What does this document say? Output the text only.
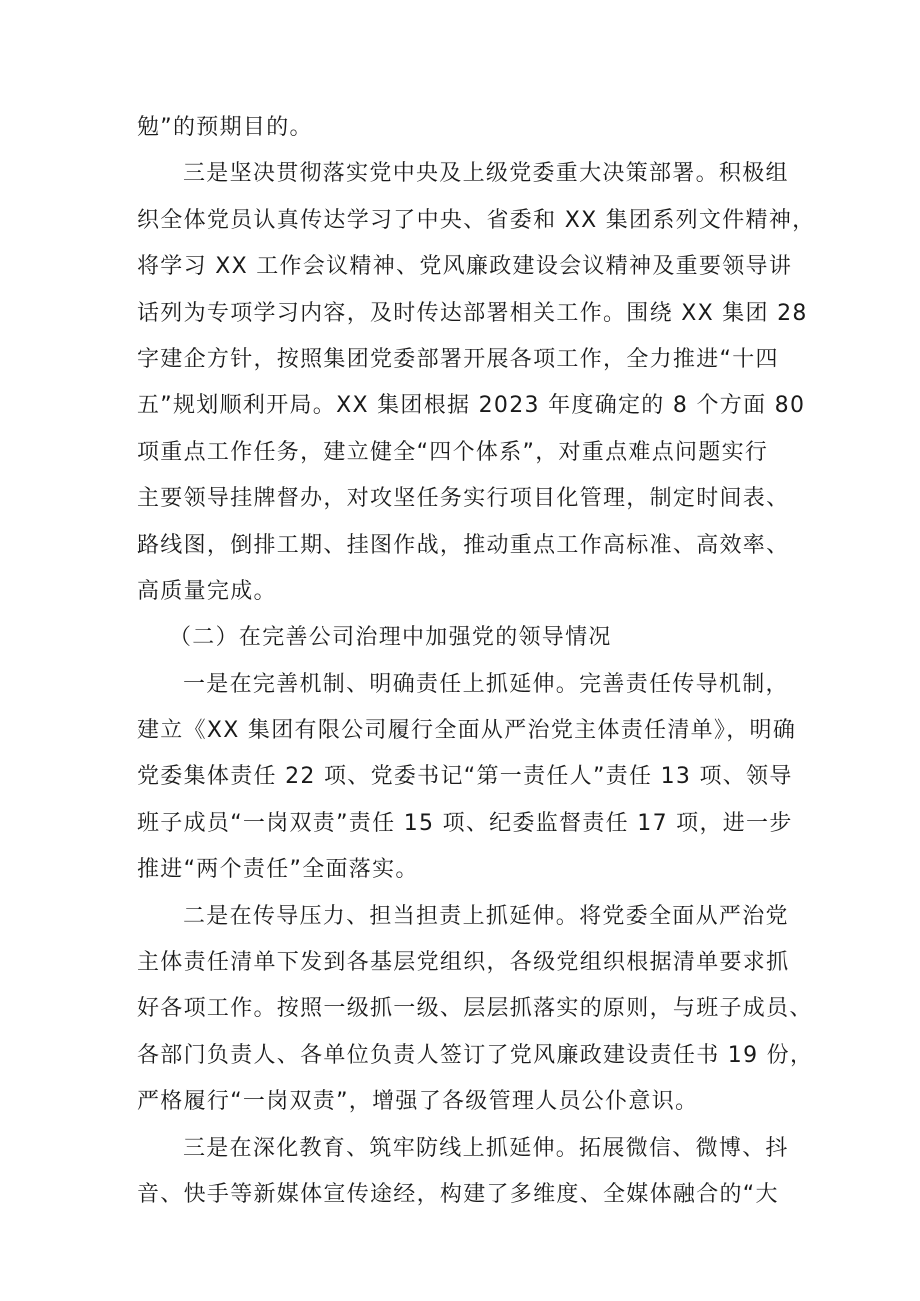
勉”的预期目的。
三是坚决贯彻落实党中央及上级党委重大决策部署。积极组
织全体党员认真传达学习了中央、省委和 XX 集团系列文件精神，
将学习 XX 工作会议精神、党风廉政建设会议精神及重要领导讲
话列为专项学习内容，及时传达部署相关工作。围绕 XX 集团 28
字建企方针，按照集团党委部署开展各项工作，全力推进“十四
五”规划顺利开局。XX 集团根据 2023 年度确定的 8 个方面 80
项重点工作任务，建立健全“四个体系”，对重点难点问题实行
主要领导挂牌督办，对攻坚任务实行项目化管理，制定时间表、
路线图，倒排工期、挂图作战，推动重点工作高标准、高效率、
高质量完成。
（二）在完善公司治理中加强党的领导情况
一是在完善机制、明确责任上抓延伸。完善责任传导机制，
建立《XX 集团有限公司履行全面从严治党主体责任清单》，明确
党委集体责任 22 项、党委书记“第一责任人”责任 13 项、领导
班子成员“一岗双责”责任 15 项、纪委监督责任 17 项，进一步
推进“两个责任”全面落实。
二是在传导压力、担当担责上抓延伸。将党委全面从严治党
主体责任清单下发到各基层党组织，各级党组织根据清单要求抓
好各项工作。按照一级抓一级、层层抓落实的原则，与班子成员、
各部门负责人、各单位负责人签订了党风廉政建设责任书 19 份，
严格履行“一岗双责”，增强了各级管理人员公仆意识。
三是在深化教育、筑牢防线上抓延伸。拓展微信、微博、抖
音、快手等新媒体宣传途经，构建了多维度、全媒体融合的“大
